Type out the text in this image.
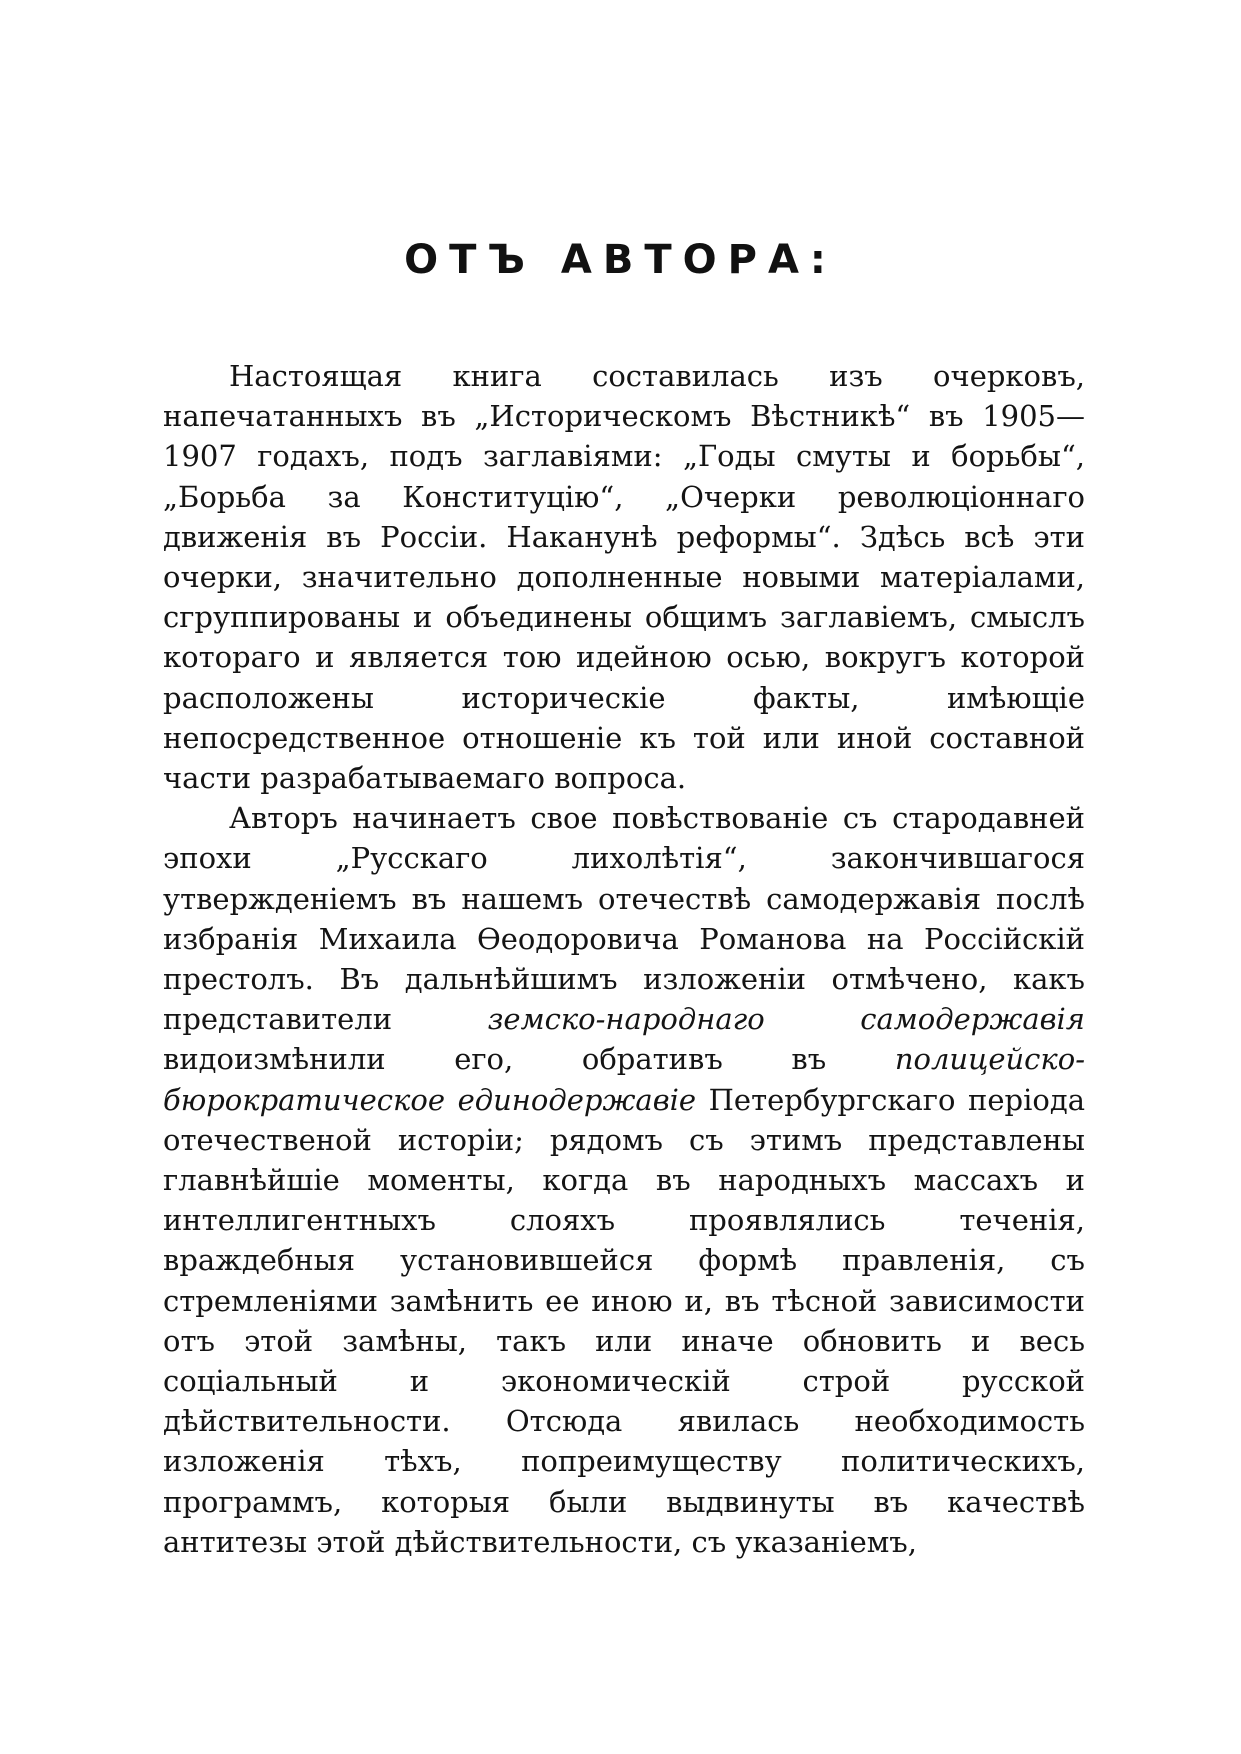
ОТЪ АВТОРА:

Настоящая книга составилась изъ очерковъ, напечатанныхъ въ „Историческомъ Вѣстникѣ“ въ 1905—1907 годахъ, подъ заглавіями: „Годы смуты и борьбы“, „Борьба за Конституцію“, „Очерки революціоннаго движенія въ Россіи. Наканунѣ реформы“. Здѣсь всѣ эти очерки, значительно дополненные новыми матеріалами, сгруппированы и объединены общимъ заглавіемъ, смыслъ котораго и является тою идейною осью, вокругъ которой расположены историческіе факты, имѣющіе непосредственное отношеніе къ той или иной составной части разрабатываемаго вопроса.

Авторъ начинаетъ свое повѣствованіе съ стародавней эпохи „Русскаго лихолѣтія“, закончившагося утвержденіемъ въ нашемъ отечествѣ самодержавія послѣ избранія Михаила Ѳеодоровича Романова на Россійскій престолъ. Въ дальнѣйшимъ изложеніи отмѣчено, какъ представители земско-народнаго самодержавія видоизмѣнили его, обративъ въ полицейско-бюрократическое единодержавіе Петербургскаго періода отечественой исторіи; рядомъ съ этимъ представлены главнѣйшіе моменты, когда въ народныхъ массахъ и интеллигентныхъ слояхъ проявлялись теченія, враждебныя установившейся формѣ правленія, съ стремленіями замѣнить ее иною и, въ тѣсной зависимости отъ этой замѣны, такъ или иначе обновить и весь соціальный и экономическій строй русской дѣйствительности. Отсюда явилась необходимость изложенія тѣхъ, попреимуществу политическихъ, программъ, которыя были выдвинуты въ качествѣ антитезы этой дѣйствительности, съ указаніемъ,
